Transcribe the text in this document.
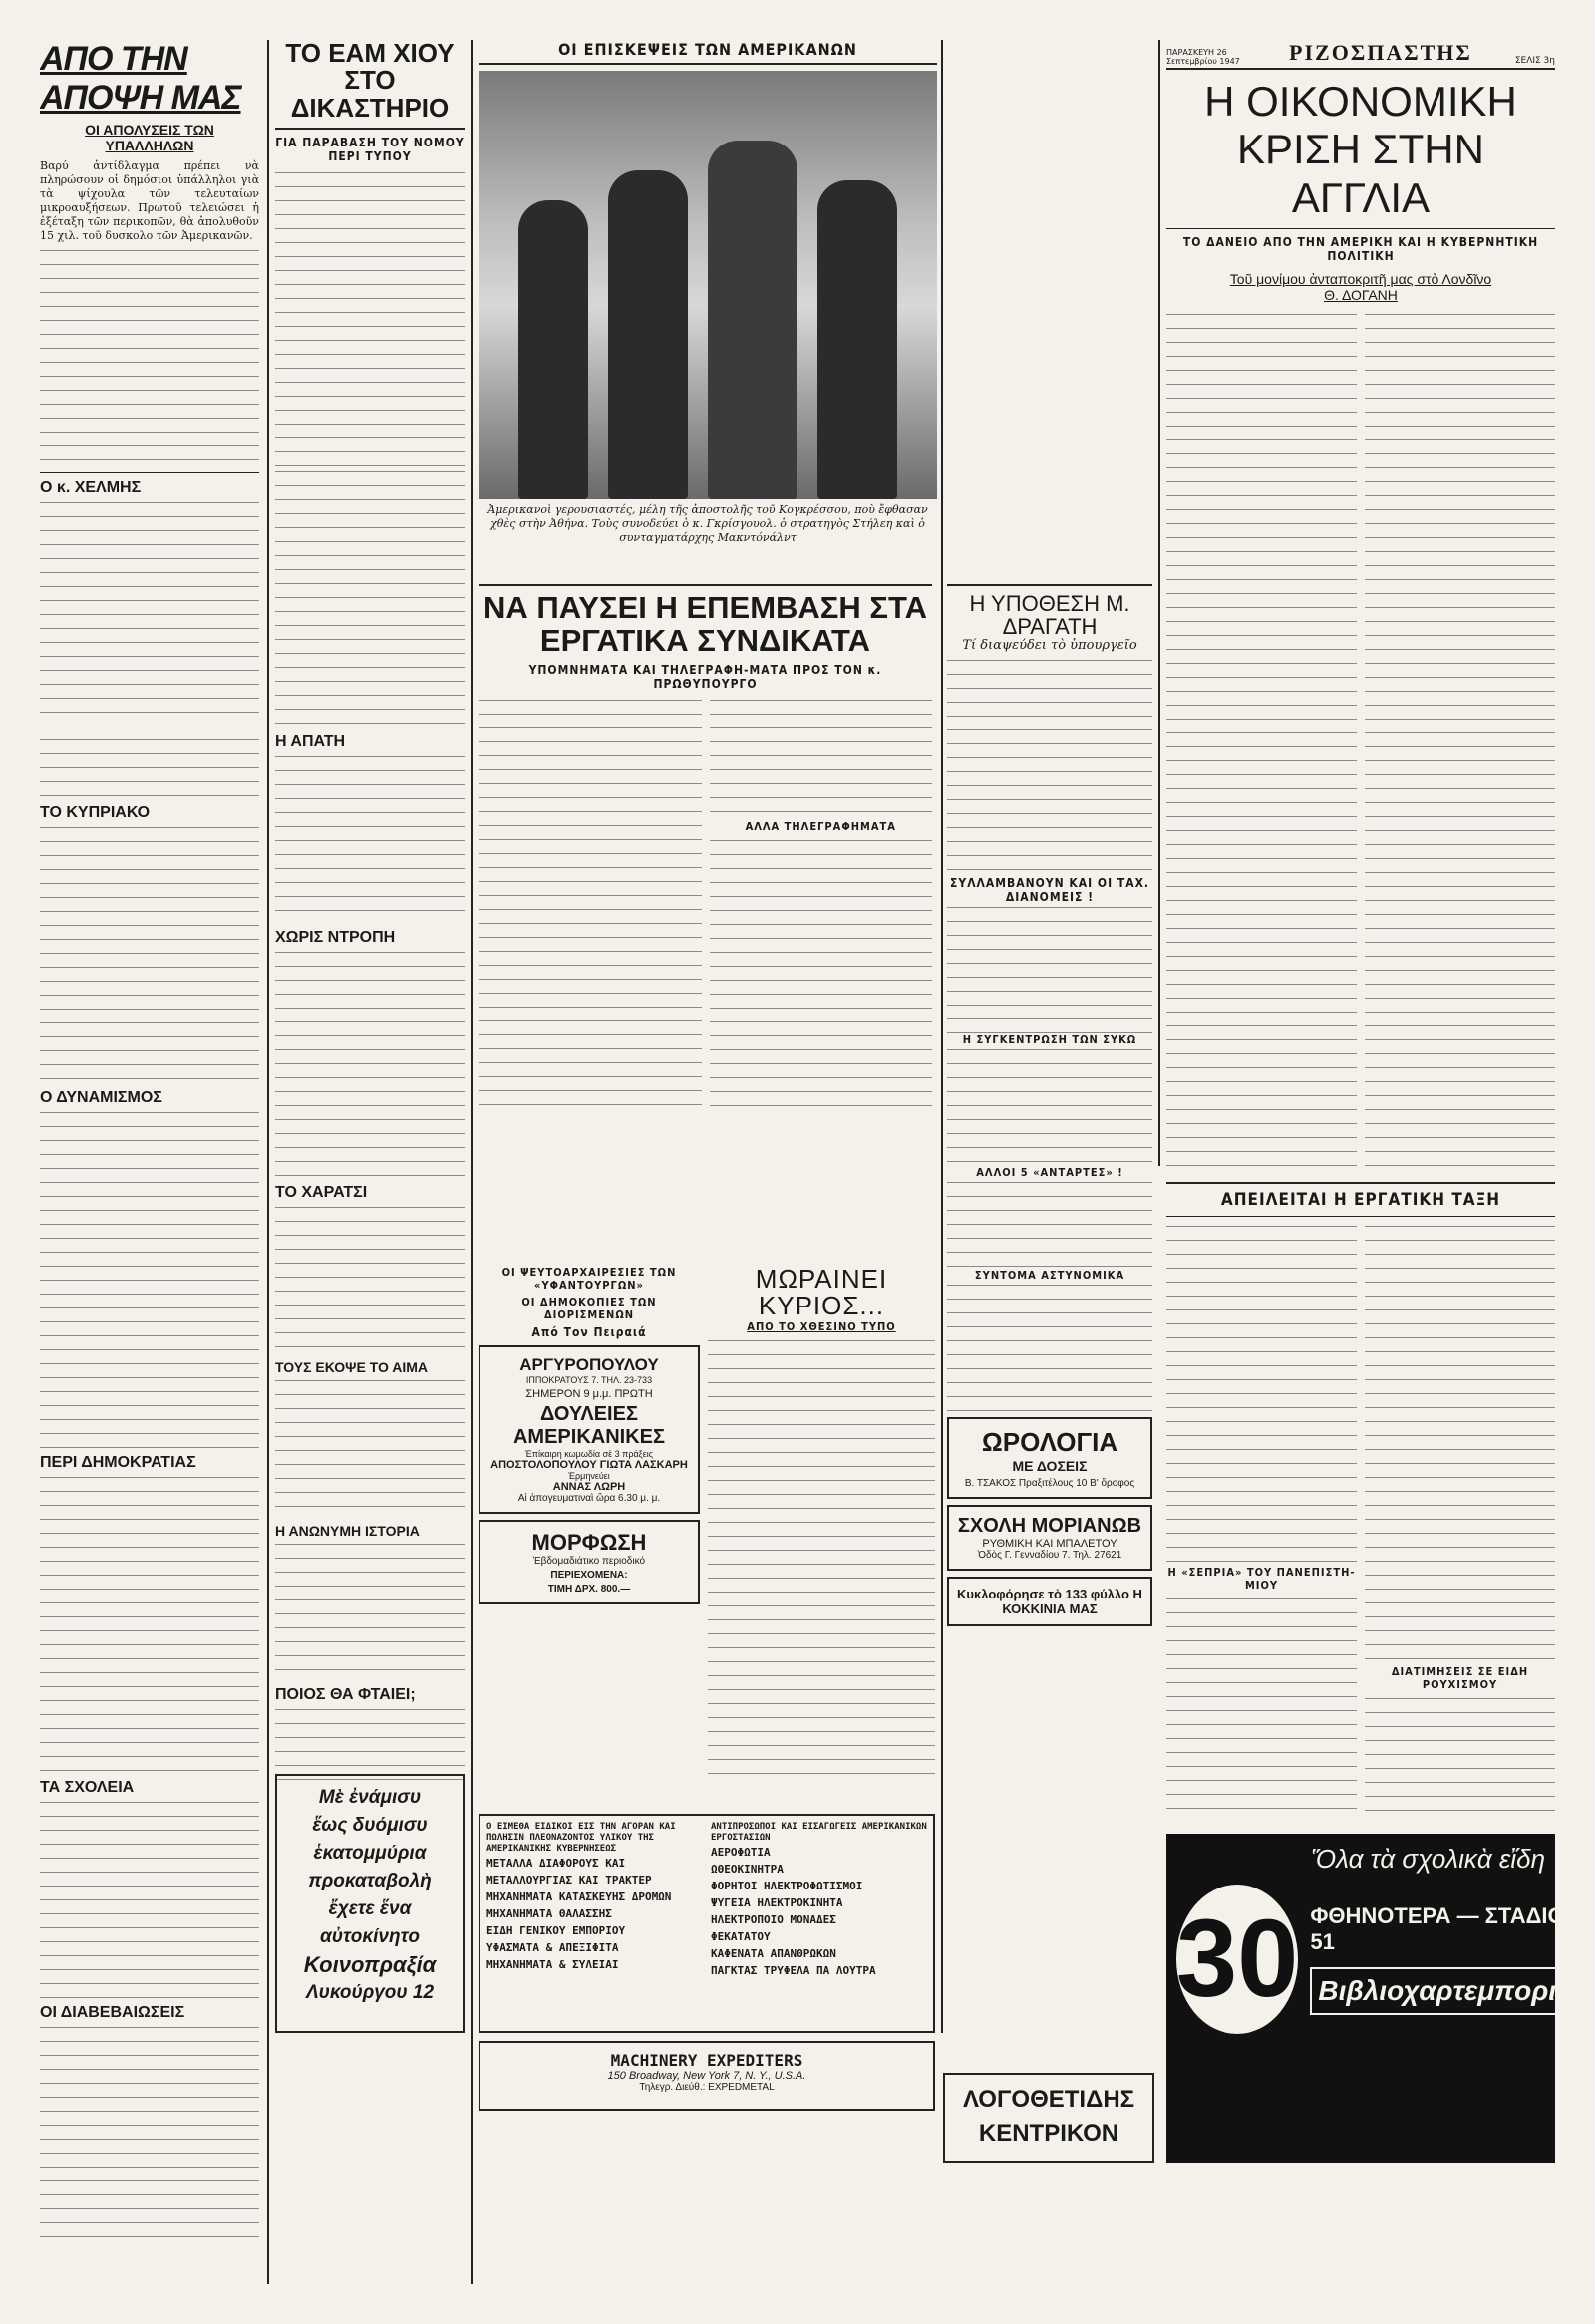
ΑΠΟ ΤΗΝ ΑΠΟΨΗ ΜΑΣ
ΟΙ ΑΠΟΛΥΣΕΙΣ ΤΩΝ ΥΠΑΛΛΗΛΩΝ
Βαρύ ἀντίδλαγμα πρέπει νὰ πληρώσουν οἱ δημόσιοι ὑπάλληλοι γιὰ τὰ ψίχουλα τῶν τελευταίων μικροαυξήσεων. Πρωτοῦ τελειώσει ἡ ἐξέταξη τῶν περικοπῶν, θὰ ἀπολυθοῦν 15 χιλ. τοῦ δυσκολο τῶν Ἀμερικανῶν.
Ο κ. ΧΕΛΜΗΣ
ΤΟ ΚΥΠΡΙΑΚΟ
Ο ΔΥΝΑΜΙΣΜΟΣ
ΠΕΡΙ ΔΗΜΟΚΡΑΤΙΑΣ
ΤΑ ΣΧΟΛΕΙΑ
ΟΙ ΔΙΑΒΕΒΑΙΩΣΕΙΣ
ΤΟ ΕΑΜ ΧΙΟΥ ΣΤΟ ΔΙΚΑΣΤΗΡΙΟ
ΓΙΑ ΠΑΡΑΒΑΣΗ ΤΟΥ ΝΟΜΟΥ ΠΕΡΙ ΤΥΠΟΥ
Η ΑΠΑΤΗ
ΧΩΡΙΣ ΝΤΡΟΠΗ
ΤΟ ΧΑΡΑΤΣΙ
ΤΟΥΣ ΕΚΟΨΕ ΤΟ ΑΙΜΑ
Η ΑΝΩΝΥΜΗ ΙΣΤΟΡΙΑ
ΠΟΙΟΣ ΘΑ ΦΤΑΙΕΙ;
Μὲ ἐνάμισυ
ἕως δυόμισυ
ἑκατομμύρια
προκαταβολὴ
ἔχετε ἕνα
αὐτοκίνητο
Κοινοπραξία
Λυκούργου 12
ΟΙ ΕΠΙΣΚΕΨΕΙΣ ΤΩΝ ΑΜΕΡΙΚΑΝΩΝ
Ἀμερικανοὶ γερουσιαστές, μέλη τῆς ἀποστολῆς τοῦ Κογκρέσσου, ποὺ ἔφθασαν χθὲς στὴν Ἀθήνα. Τοὺς συνοδεύει ὁ κ. Γκρίσγουολ. ὁ στρατηγὸς Στήλεη καὶ ὁ συνταγματάρχης Μακντόνάλντ
ΠΑΡΑΣΚΕΥΗ 26 Σεπτεμβρίου 1947 ΡΙΖΟΣΠΑΣΤΗΣ	ΣΕΛΙΣ 3η
Η ΟΙΚΟΝΟΜΙΚΗ ΚΡΙΣΗ ΣΤΗΝ ΑΓΓΛΙΑ
ΤΟ ΔΑΝΕΙΟ ΑΠΟ ΤΗΝ ΑΜΕΡΙΚΗ ΚΑΙ Η ΚΥΒΕΡΝΗΤΙΚΗ ΠΟΛΙΤΙΚΗ
Τοῦ μονίμου ἀνταποκριτῆ μας στὸ Λονδῖνο Θ. ΔΟΓΑΝΗ
ΑΠΕΙΛΕΙΤΑΙ Η ΕΡΓΑΤΙΚΗ ΤΑΞΗ
Η «ΣΕΠΡΙΑ» ΤΟΥ ΠΑΝΕΠΙΣΤΗ-ΜΙΟΥ
ΔΙΑΤΙΜΗΣΕΙΣ ΣΕ ΕΙΔΗ ΡΟΥΧΙΣΜΟΥ
ΝΑ ΠΑΥΣΕΙ Η ΕΠΕΜΒΑΣΗ ΣΤΑ ΕΡΓΑΤΙΚΑ ΣΥΝΔΙΚΑΤΑ
ΥΠΟΜΝΗΜΑΤΑ ΚΑΙ ΤΗΛΕΓΡΑΦΗ-ΜΑΤΑ ΠΡΟΣ ΤΟΝ κ. ΠΡΩΘΥΠΟΥΡΓΟ
ΑΛΛΑ ΤΗΛΕΓΡΑΦΗΜΑΤΑ
Η ΥΠΟΘΕΣΗ Μ. ΔΡΑΓΑΤΗ
Τί διαψεύδει τὸ ὑπουργεῖο
ΣΥΛΛΑΜΒΑΝΟΥΝ ΚΑΙ ΟΙ ΤΑΧ. ΔΙΑΝΟΜΕΙΣ !
Η ΣΥΓΚΕΝΤΡΩΣΗ ΤΩΝ ΣΥΚΩ
ΑΛΛΟΙ 5 «ΑΝΤΑΡΤΕΣ» !
ΣΥΝΤΟΜΑ ΑΣΤΥΝΟΜΙΚΑ
ΩΡΟΛΟΓΙΑ
ΜΕ ΔΟΣΕΙΣ
Β. ΤΣΑΚΟΣ Πραξιτέλους 10 Β' ὄροφος
ΣΧΟΛΗ ΜΟΡΙΑΝΩΒ
ΡΥΘΜΙΚΗ ΚΑΙ ΜΠΑΛΕΤΟΥ
Ὁδὸς Γ. Γενναδίου 7. Τηλ. 27621
Κυκλοφόρησε τὸ 133 φύλλο Η ΚΟΚΚΙΝΙΑ ΜΑΣ
ΟΙ ΨΕΥΤΟΑΡΧΑΙΡΕΣΙΕΣ ΤΩΝ «ΥΦΑΝΤΟΥΡΓΩΝ»
ΟΙ ΔΗΜΟΚΟΠΙΕΣ ΤΩΝ ΔΙΟΡΙΣΜΕΝΩΝ
Από Τον Πειραιά
ΑΡΓΥΡΟΠΟΥΛΟΥ
ΙΠΠΟΚΡΑΤΟΥΣ 7. ΤΗΛ. 23-733
ΣΗΜΕΡΟΝ 9 μ.μ. ΠΡΩΤΗ
ΔΟΥΛΕΙΕΣ ΑΜΕΡΙΚΑΝΙΚΕΣ
Ἐπίκαιρη κωμωδία σὲ 3 πράξεις
ΑΠΟΣΤΟΛΟΠΟΥΛΟΥ ΓΙΩΤΑ ΛΑΣΚΑΡΗ
Ἑρμηνεύει
ΑΝΝΑΣ ΛΩΡΗ
Αἱ ἀπογευματιναὶ ὥρα 6.30 μ. μ.
ΜΟΡΦΩΣΗ
Ἑβδομαδιάτικο περιοδικό
ΠΕΡΙΕΧΟΜΕΝΑ:
ΤΙΜΗ ΔΡΧ. 800.—
ΜΩΡΑΙΝΕΙ ΚΥΡΙΟΣ...
ΑΠΟ ΤΟ ΧΘΕΣΙΝΟ ΤΥΠΟ
Ο ΕΙΜΕΘΑ ΕΙΔΙΚΟΙ ΕΙΣ ΤΗΝ ΑΓΟΡΑΝ ΚΑΙ ΠΩΛΗΣΙΝ ΠΛΕΟΝΑΖΟΝΤΟΣ ΥΛΙΚΟΥ ΤΗΣ ΑΜΕΡΙΚΑΝΙΚΗΣ ΚΥΒΕΡΝΗΣΕΩΣ
ΜΕΤΑΛΛΑ ΔΙΑΦΟΡΟΥΣ ΚΑΙ ΜΕΤΑΛΛΟΥΡΓΙΑΣ ΚΑΙ ΤΡΑΚΤΕΡ
ΜΗΧΑΝΗΜΑΤΑ ΚΑΤΑΣΚΕΥΗΣ ΔΡΟΜΩΝ
ΜΗΧΑΝΗΜΑΤΑ ΘΑΛΑΣΣΗΣ
ΕΙΔΗ ΓΕΝΙΚΟΥ ΕΜΠΟΡΙΟΥ
ΥΦΑΣΜΑΤΑ & ΑΠΕΞΙΦΙΤΑ
ΜΗΧΑΝΗΜΑΤΑ & ΣΥΛΕΙΑΙ
ΑΝΤΙΠΡΟΣΩΠΟΙ ΚΑΙ ΕΙΣΑΓΩΓΕΙΣ ΑΜΕΡΙΚΑΝΙΚΩΝ ΕΡΓΟΣΤΑΣΙΩΝ
ΑΕΡΟΦΩΤΙΑ
ΩΘΕΟΚΙΝΗΤΡΑ
ΦΟΡΗΤΟΙ ΗΛΕΚΤΡΟΦΩΤΙΣΜΟΙ
ΨΥΓΕΙΑ ΗΛΕΚΤΡΟΚΙΝΗΤΑ
ΗΛΕΚΤΡΟΠΟΙΟ ΜΟΝΑΔΕΣ
ΦΕΚΑΤΑΤΟΥ
ΚΑΦΕΝΑΤΑ ΑΠΑΝΘΡΩΚΩΝ
ΠΑΓΚΤΑΣ ΤΡΥΦΕΛΑ ΠΑ ΛΟΥΤΡΑ
MACHINERY EXPEDITERS
150 Broadway, New York 7, N. Y., U.S.A.
Τηλεγρ. Διεύθ.: EXPEDMETAL	ΛΟΓΟΘΕΤΙΔΗΣ ΚΕΝΤΡΙΚΟΝ
Ὅλα τὰ σχολικὰ εἴδη
30 ΦΘΗΝΟΤΕΡΑ — ΣΤΑΔΙΟΥ 51
Βιβλιοχαρτεμπορική
